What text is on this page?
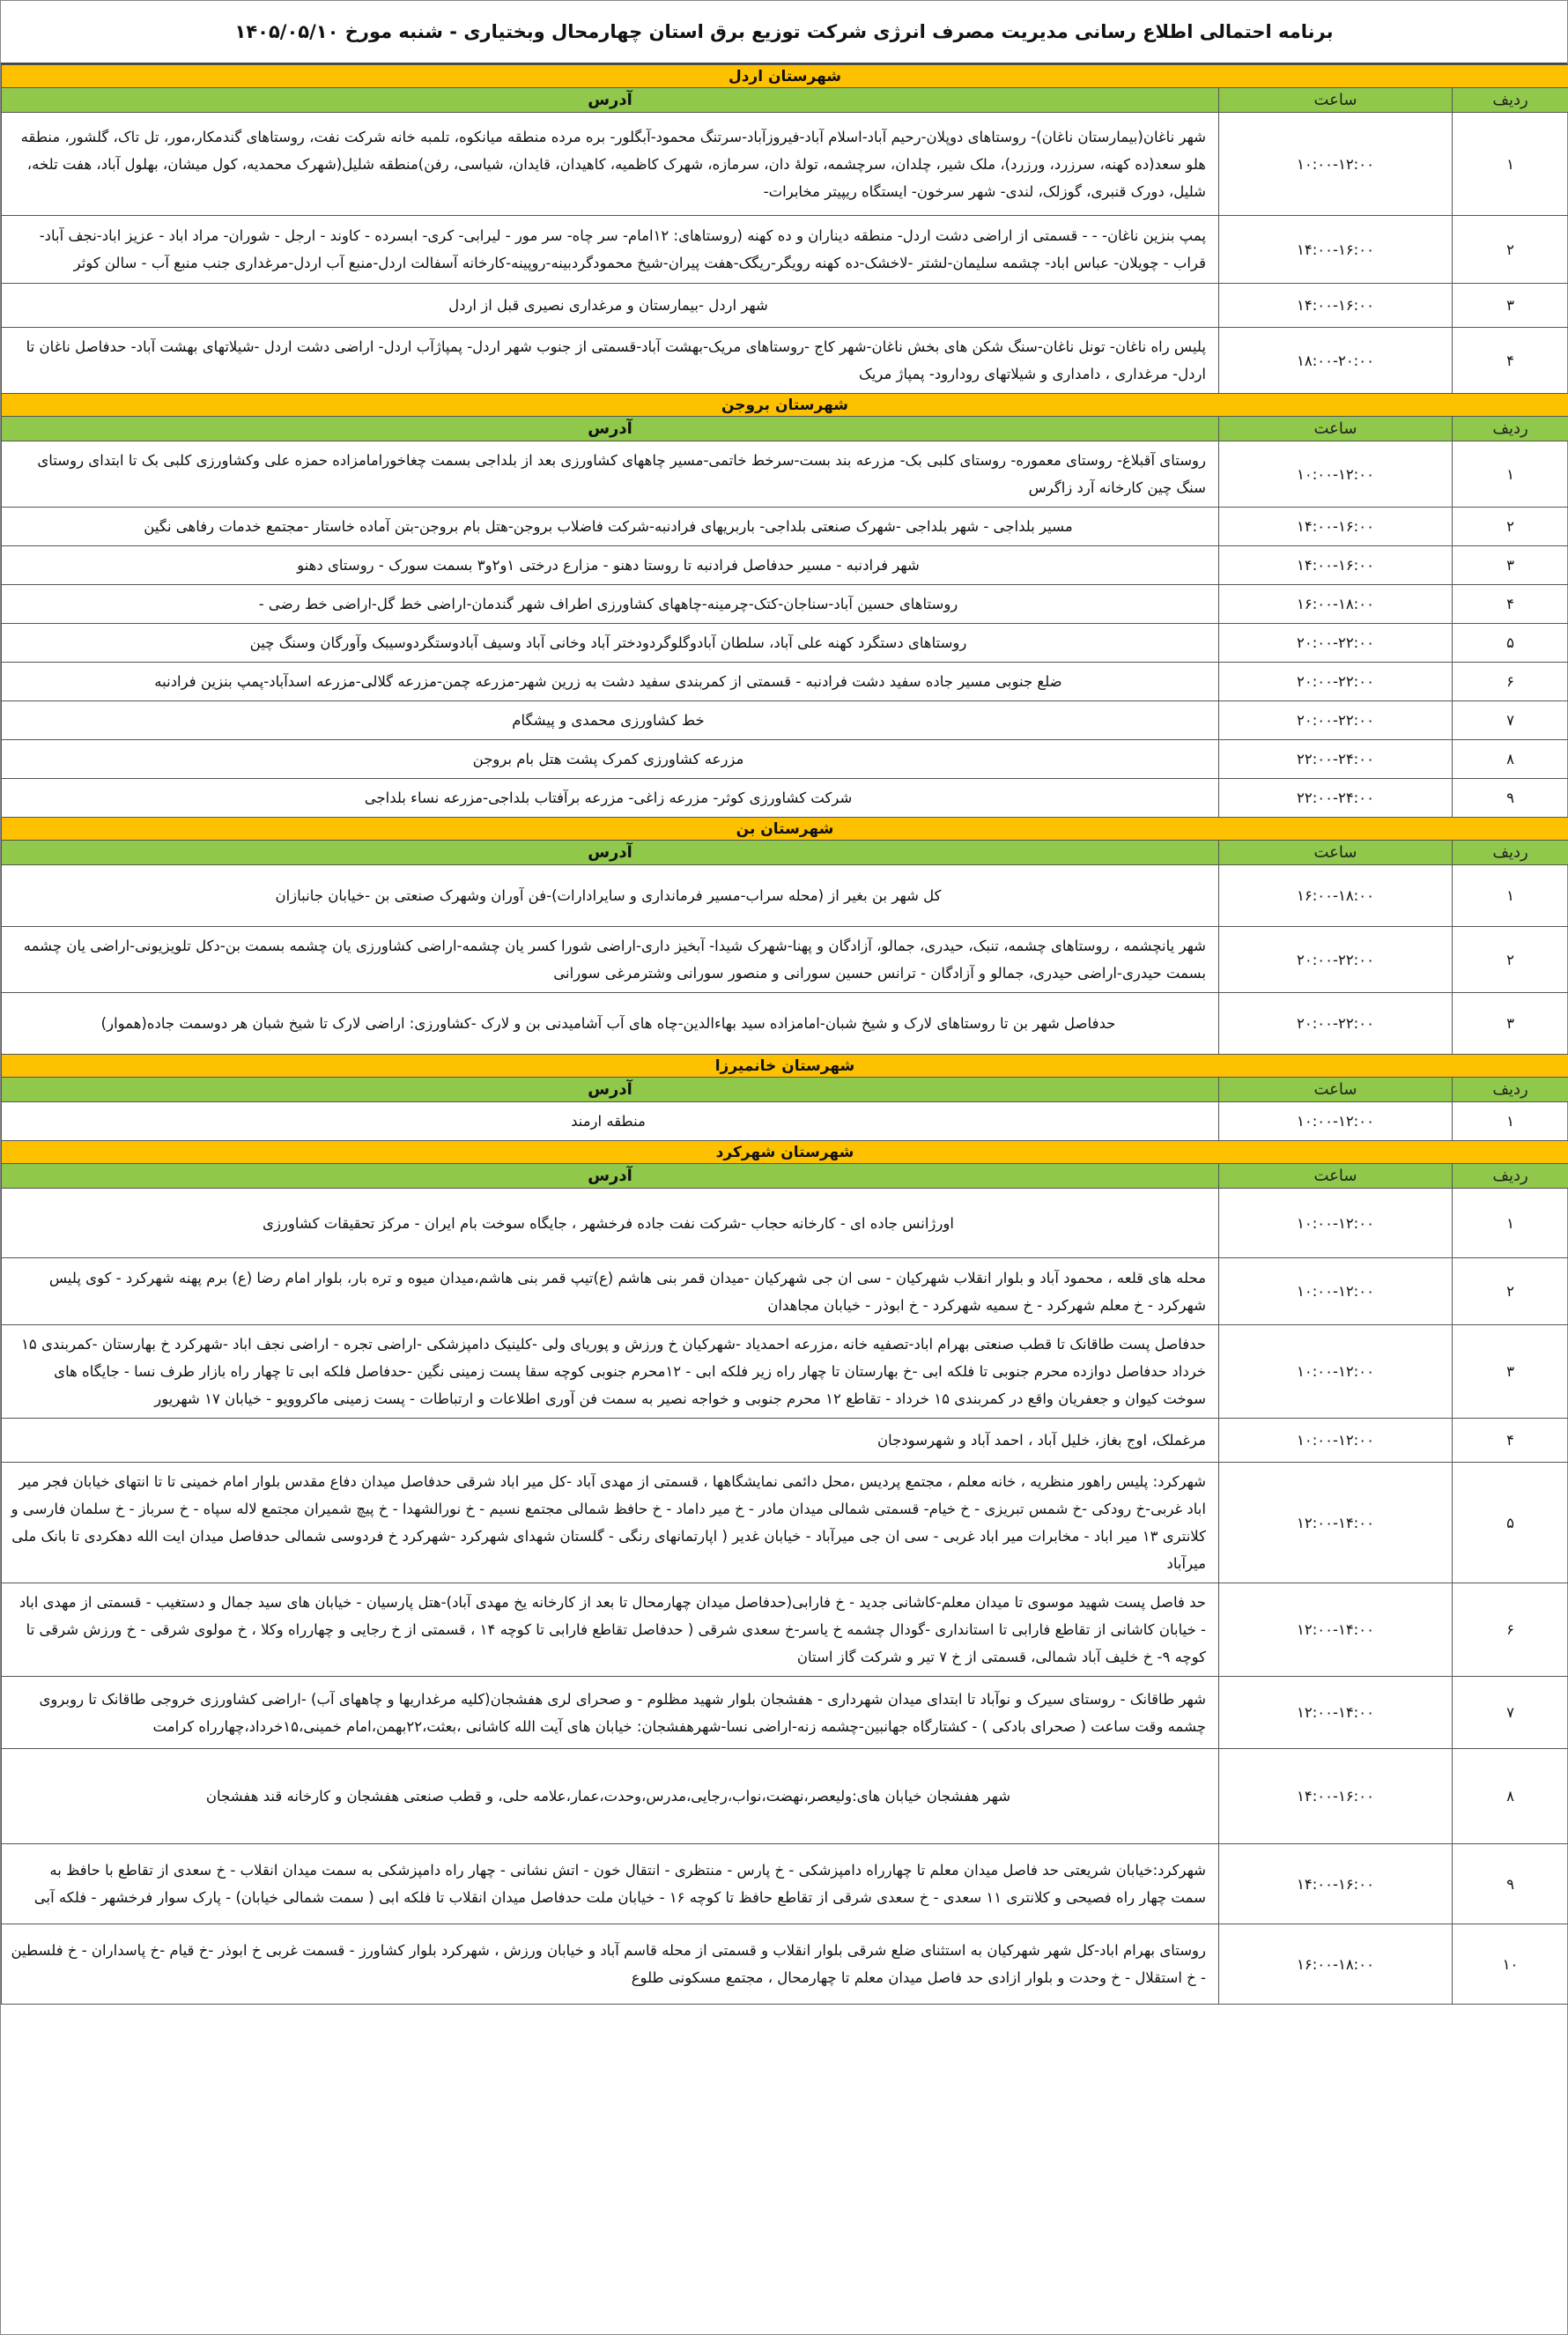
برنامه احتمالی اطلاع رسانی مدیریت مصرف انرژی شرکت توزیع برق استان چهارمحال وبختیاری - شنبه مورخ ۱۴۰۵/۰۵/۱۰
شهرستان اردل		
ردیف	ساعت	آدرس
۱	۱۰:۰۰-۱۲:۰۰	شهر ناغان(بیمارستان ناغان)- روستاهای دوپلان-رحیم آباد-اسلام آباد-فیروزآباد-سرتنگ محمود-آبگلور- بره مرده منطقه میانکوه، تلمبه خانه شرکت نفت، روستاهای گندمکار،مور، تل تاک، گلشور، منطقه هلو سعد(ده کهنه، سرزرد، ورزرد)، ملک شیر، چلدان، سرچشمه، تولهٔ دان، سرمازه، شهرک کاظمیه، کاهیدان، قایدان، شیاسی، رفن)منطقه شلیل(شهرک محمدیه، کول میشان، بهلول آباد، هفت تلخه، شلیل، دورک قنبری، گوزلک، لندی- شهر سرخون- ایستگاه ریپیتر مخابرات-
۲	۱۴:۰۰-۱۶:۰۰	پمپ بنزین ناغان- - - قسمتی از اراضی دشت اردل- منطقه دیناران و ده کهنه (روستاهای: ۱۲امام- سر چاه- سر مور - لیرابی- کری- ابسرده - کاوند - ارجل - شوران- مراد اباد - عزیز اباد-نجف آباد- قراب - چویلان- عباس اباد- چشمه سلیمان-لشتر -لاخشک-ده کهنه رویگر-ریگک-هفت پیران-شیخ محمودگردبینه-روپینه-کارخانه آسفالت اردل-منبع آب اردل-مرغداری جنب منبع آب - سالن کوثر
۳	۱۴:۰۰-۱۶:۰۰	شهر اردل -بیمارستان و مرغداری نصیری قبل از اردل
۴	۱۸:۰۰-۲۰:۰۰	پلیس راه ناغان- تونل ناغان-سنگ شکن های بخش ناغان-شهر کاج -روستاهای مریک-بهشت آباد-قسمتی از جنوب شهر اردل- پمپاژآب اردل- اراضی دشت اردل -شیلاتهای بهشت آباد- حدفاصل ناغان تا اردل- مرغداری ، دامداری و شیلاتهای رودارود- پمپاژ مریک
شهرستان بروجن		
ردیف	ساعت	آدرس
۱	۱۰:۰۰-۱۲:۰۰	روستای آقبلاغ- روستای معموره- روستای کلبی بک- مزرعه بند بست-سرخط خاتمی-مسیر چاههای کشاورزی بعد از بلداجی بسمت چغاخورامامزاده حمزه علی وکشاورزی کلبی بک تا ابتدای روستای سنگ چین کارخانه آرد زاگرس
۲	۱۴:۰۰-۱۶:۰۰	مسیر بلداجی - شهر بلداجی -شهرک صنعتی بلداجی- باربریهای فرادنبه-شرکت فاضلاب بروجن-هتل بام بروجن-بتن آماده خاستار -مجتمع خدمات رفاهی نگین
۳	۱۴:۰۰-۱۶:۰۰	شهر فرادنبه - مسیر حدفاصل فرادنبه تا روستا دهنو - مزارع درختی ۱و۲و۳ بسمت سورک - روستای دهنو
۴	۱۶:۰۰-۱۸:۰۰	روستاهای حسین آباد-سناجان-کتک-چرمینه-چاههای کشاورزی اطراف شهر گندمان-اراضی خط گل-اراضی خط رضی -
۵	۲۰:۰۰-۲۲:۰۰	روستاهای دستگرد کهنه علی آباد، سلطان آبادوگلوگردودختر آباد وخانی آباد وسیف آبادوستگردوسیبک وآورگان وسنگ چین
۶	۲۰:۰۰-۲۲:۰۰	ضلع جنوبی مسیر جاده سفید دشت فرادنبه - قسمتی از کمربندی سفید دشت به زرین شهر-مزرعه چمن-مزرعه گلالی-مزرعه اسدآباد-پمپ بنزین فرادنبه
۷	۲۰:۰۰-۲۲:۰۰	خط کشاورزی محمدی و پیشگام
۸	۲۲:۰۰-۲۴:۰۰	مزرعه کشاورزی کمرک پشت هتل بام بروجن
۹	۲۲:۰۰-۲۴:۰۰	شرکت کشاورزی کوثر- مزرعه زاغی- مزرعه برآفتاب بلداجی-مزرعه نساء بلداجی
شهرستان بن		
ردیف	ساعت	آدرس
۱	۱۶:۰۰-۱۸:۰۰	کل شهر بن بغیر از (محله سراب-مسیر فرمانداری و سایرادارات)-فن آوران وشهرک صنعتی بن -خیابان جانبازان
۲	۲۰:۰۰-۲۲:۰۰	شهر یانچشمه ، روستاهای چشمه، تنبک، حیدری، جمالو، آزادگان و پهنا-شهرک شیدا- آبخیز داری-اراضی شورا کسر یان چشمه-اراضی کشاورزی یان چشمه بسمت بن-دکل تلویزیونی-اراضی یان چشمه بسمت حیدری-اراضی حیدری، جمالو و آزادگان - ترانس حسین سورانی و منصور سورانی وشترمرغی سورانی
۳	۲۰:۰۰-۲۲:۰۰	حدفاصل شهر بن تا روستاهای لارک و شیخ شبان-امامزاده سید بهاءالدین-چاه های آب آشامیدنی بن و لارک -کشاورزی: اراضی لارک تا شیخ شبان هر دوسمت جاده(هموار)
شهرستان خانمیرزا		
ردیف	ساعت	آدرس
۱	۱۰:۰۰-۱۲:۰۰	منطقه ارمند
شهرستان شهرکرد		
ردیف	ساعت	آدرس
۱	۱۰:۰۰-۱۲:۰۰	اورژانس جاده ای - کارخانه حجاب -شرکت نفت جاده فرخشهر ، جایگاه سوخت بام ایران - مرکز تحقیقات کشاورزی
۲	۱۰:۰۰-۱۲:۰۰	محله های قلعه ، محمود آباد و بلوار انقلاب شهرکیان - سی ان جی شهرکیان -میدان قمر بنی هاشم (ع)تیپ قمر بنی هاشم،میدان میوه و تره بار، بلوار امام رضا (ع) برم پهنه شهرکرد - کوی پلیس شهرکرد - خ معلم شهرکرد - خ سمیه شهرکرد - خ ابوذر - خیابان مجاهدان
۳	۱۰:۰۰-۱۲:۰۰	حدفاصل پست طاقانک تا قطب صنعتی بهرام اباد-تصفیه خانه ،مزرعه احمدیاد -شهرکیان خ ورزش و پوریای ولی -کلینیک دامپزشکی -اراضی تجره - اراضی نجف اباد -شهرکرد خ بهارستان -کمربندی ۱۵ خرداد حدفاصل دوازده محرم جنوبی تا فلکه ابی -خ بهارستان تا چهار راه زیر فلکه ابی - ۱۲محرم جنوبی کوچه سقا پست زمینی نگین -حدفاصل فلکه ابی تا چهار راه بازار طرف نسا - جایگاه های سوخت کیوان و جعفریان واقع در کمربندی ۱۵ خرداد - تقاطع ۱۲ محرم جنوبی و خواجه نصیر به سمت فن آوری اطلاعات و ارتباطات - پست زمینی ماکروویو - خیابان ۱۷ شهریور
۴	۱۰:۰۰-۱۲:۰۰	مرغملک، اوج بغاز، خلیل آباد ، احمد آباد و شهرسودجان
۵	۱۲:۰۰-۱۴:۰۰	شهرکرد: پلیس راهور منظریه ، خانه معلم ، مجتمع پردیس ،محل دائمی نمایشگاهها ، قسمتی از مهدی آباد -کل میر اباد شرقی حدفاصل میدان دفاع مقدس بلوار امام خمینی تا تا انتهای خیابان فجر میر اباد غربی-خ رودکی -خ شمس تبریزی - خ خیام- قسمتی شمالی میدان مادر - خ میر داماد - خ حافظ شمالی مجتمع نسیم - خ نورالشهدا - خ پیچ شمیران مجتمع لاله سپاه - خ سرباز - خ سلمان فارسی و کلانتری ۱۳ میر اباد - مخابرات میر اباد غربی - سی ان جی میرآباد - خیابان غدیر ( اپارتمانهای رنگی - گلستان شهدای شهرکرد -شهرکرد خ فردوسی شمالی حدفاصل میدان ایت الله دهکردی تا بانک ملی میرآباد
۶	۱۲:۰۰-۱۴:۰۰	حد فاصل پست شهید موسوی تا میدان معلم-کاشانی جدید - خ فارابی(حدفاصل میدان چهارمحال تا بعد از کارخانه یخ مهدی آباد)-هتل پارسیان - خیابان های سید جمال و دستغیب - قسمتی از مهدی اباد - خیابان کاشانی از تقاطع فارابی تا استانداری -گودال چشمه خ یاسر-خ سعدی شرقی ( حدفاصل تقاطع فارابی تا کوچه ۱۴ ، قسمتی از خ رجایی و چهارراه وکلا ، خ مولوی شرقی - خ ورزش شرقی تا کوچه ۹- خ خلیف آباد شمالی، قسمتی از خ ۷ تیر و شرکت گاز استان
۷	۱۲:۰۰-۱۴:۰۰	شهر طاقانک - روستای سیرک و نوآباد تا ابتدای میدان شهرداری - هفشجان بلوار شهید مظلوم - و صحرای لری هفشجان(کلیه مرغداریها و چاههای آب) -اراضی کشاورزی خروجی طاقانک تا روبروی چشمه وقت ساعت ( صحرای بادکی ) - کشتارگاه جهانبین-چشمه زنه-اراضی نسا-شهرهفشجان: خیابان های آیت الله کاشانی ،بعثت،۲۲بهمن،امام خمینی،۱۵خرداد،چهارراه کرامت
۸	۱۴:۰۰-۱۶:۰۰	شهر هفشجان خیابان های:ولیعصر،نهضت،نواب،رجایی،مدرس،وحدت،عمار،علامه حلی، و قطب صنعتی هفشجان و کارخانه قند هفشجان
۹	۱۴:۰۰-۱۶:۰۰	شهرکرد:خیابان شریعتی حد فاصل میدان معلم تا چهارراه دامپزشکی - خ پارس - منتظری - انتقال خون - اتش نشانی - چهار راه دامپزشکی به سمت میدان انقلاب - خ سعدی از تقاطع با حافظ به سمت چهار راه فصیحی و کلانتری ۱۱ سعدی - خ سعدی شرقی از تقاطع حافظ تا کوچه ۱۶ - خیابان ملت حدفاصل میدان انقلاب تا فلکه ابی ( سمت شمالی خیابان) - پارک سوار فرخشهر - فلکه آبی
۱۰	۱۶:۰۰-۱۸:۰۰	روستای بهرام اباد-کل شهر شهرکیان به استثنای ضلع شرقی بلوار انقلاب و قسمتی از محله قاسم آباد و خیابان ورزش ، شهرکرد بلوار کشاورز - قسمت غربی خ ابوذر -خ قیام -خ پاسداران - خ فلسطین - خ استقلال - خ وحدت و بلوار ازادی حد فاصل میدان معلم تا چهارمحال ، مجتمع مسکونی طلوع
